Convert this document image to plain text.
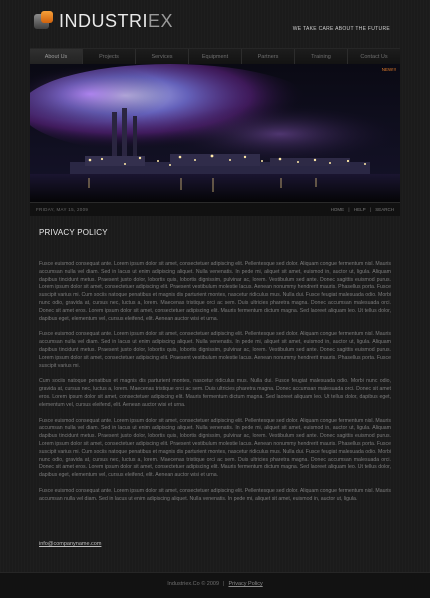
INDUSTRIEX	WE TAKE CARE ABOUT THE FUTURE
About Us	Projects	Services	Equipment	Partners	Training	Contact Us
NEW!!!
FRIDAY, MAY 15, 2009	HOME | HELP | SEARCH
PRIVACY POLICY

Fusce euismod consequat ante. Lorem ipsum dolor sit amet, consectetuer adipiscing elit. Pellentesque sed dolor. Aliquam congue fermentum nisl. Mauris accumsan nulla vel diam. Sed in lacus ut enim adipiscing aliquet. Nulla venenatis. In pede mi, aliquet sit amet, euismod in, auctor ut, ligula. Aliquam dapibus tincidunt metus. Praesent justo dolor, lobortis quis, lobortis dignissim, pulvinar ac, lorem. Vestibulum sed ante. Donec sagittis euismod purus. Lorem ipsum dolor sit amet, consectetuer adipiscing elit. Praesent vestibulum molestie lacus. Aenean nonummy hendrerit mauris. Phasellus porta. Fusce suscipit varius mi. Cum sociis natoque penatibus et magnis dis parturient montes, nascetur ridiculus mus. Nulla dui. Fusce feugiat malesuada odio. Morbi nunc odio, gravida at, cursus nec, luctus a, lorem. Maecenas tristique orci ac sem. Duis ultricies pharetra magna. Donec accumsan malesuada orci. Donec sit amet eros. Lorem ipsum dolor sit amet, consectetuer adipiscing elit. Mauris fermentum dictum magna. Sed laoreet aliquam leo. Ut tellus dolor, dapibus eget, elementum vel, cursus eleifend, elit. Aenean auctor wisi et urna.

Fusce euismod consequat ante. Lorem ipsum dolor sit amet, consectetuer adipiscing elit. Pellentesque sed dolor. Aliquam congue fermentum nisl. Mauris accumsan nulla vel diam. Sed in lacus ut enim adipiscing aliquet. Nulla venenatis. In pede mi, aliquet sit amet, euismod in, auctor ut, ligula. Aliquam dapibus tincidunt metus. Praesent justo dolor, lobortis quis, lobortis dignissim, pulvinar ac, lorem. Vestibulum sed ante. Donec sagittis euismod purus. Lorem ipsum dolor sit amet, consectetuer adipiscing elit. Praesent vestibulum molestie lacus. Aenean nonummy hendrerit mauris. Phasellus porta. Fusce suscipit varius mi.

Cum sociis natoque penatibus et magnis dis parturient montes, nascetur ridiculus mus. Nulla dui. Fusce feugiat malesuada odio. Morbi nunc odio, gravida at, cursus nec, luctus a, lorem. Maecenas tristique orci ac sem. Duis ultricies pharetra magna. Donec accumsan malesuada orci. Donec sit amet eros. Lorem ipsum dolor sit amet, consectetuer adipiscing elit. Mauris fermentum dictum magna. Sed laoreet aliquam leo. Ut tellus dolor, dapibus eget, elementum vel, cursus eleifend, elit. Aenean auctor wisi et urna.

Fusce euismod consequat ante. Lorem ipsum dolor sit amet, consectetuer adipiscing elit. Pellentesque sed dolor. Aliquam congue fermentum nisl. Mauris accumsan nulla vel diam. Sed in lacus ut enim adipiscing aliquet. Nulla venenatis. In pede mi, aliquet sit amet, euismod in, auctor ut, ligula. Aliquam dapibus tincidunt metus. Praesent justo dolor, lobortis quis, lobortis dignissim, pulvinar ac, lorem. Vestibulum sed ante. Donec sagittis euismod purus. Lorem ipsum dolor sit amet, consectetuer adipiscing elit. Praesent vestibulum molestie lacus. Aenean nonummy hendrerit mauris. Phasellus porta. Fusce suscipit varius mi. Cum sociis natoque penatibus et magnis dis parturient montes, nascetur ridiculus mus. Nulla dui. Fusce feugiat malesuada odio. Morbi nunc odio, gravida at, cursus nec, luctus a, lorem. Maecenas tristique orci ac sem. Duis ultricies pharetra magna. Donec accumsan malesuada orci. Donec sit amet eros. Lorem ipsum dolor sit amet, consectetuer adipiscing elit. Mauris fermentum dictum magna. Sed laoreet aliquam leo. Ut tellus dolor, dapibus eget, elementum vel, cursus eleifend, elit. Aenean auctor wisi et urna.

Fusce euismod consequat ante. Lorem ipsum dolor sit amet, consectetuer adipiscing elit. Pellentesque sed dolor. Aliquam congue fermentum nisl. Mauris accumsan nulla vel diam. Sed in lacus ut enim adipiscing aliquet. Nulla venenatis. In pede mi, aliquet sit amet, euismod in, auctor ut, ligula.

info@companyname.com
Industriex.Co © 2009 | Privacy Policy
